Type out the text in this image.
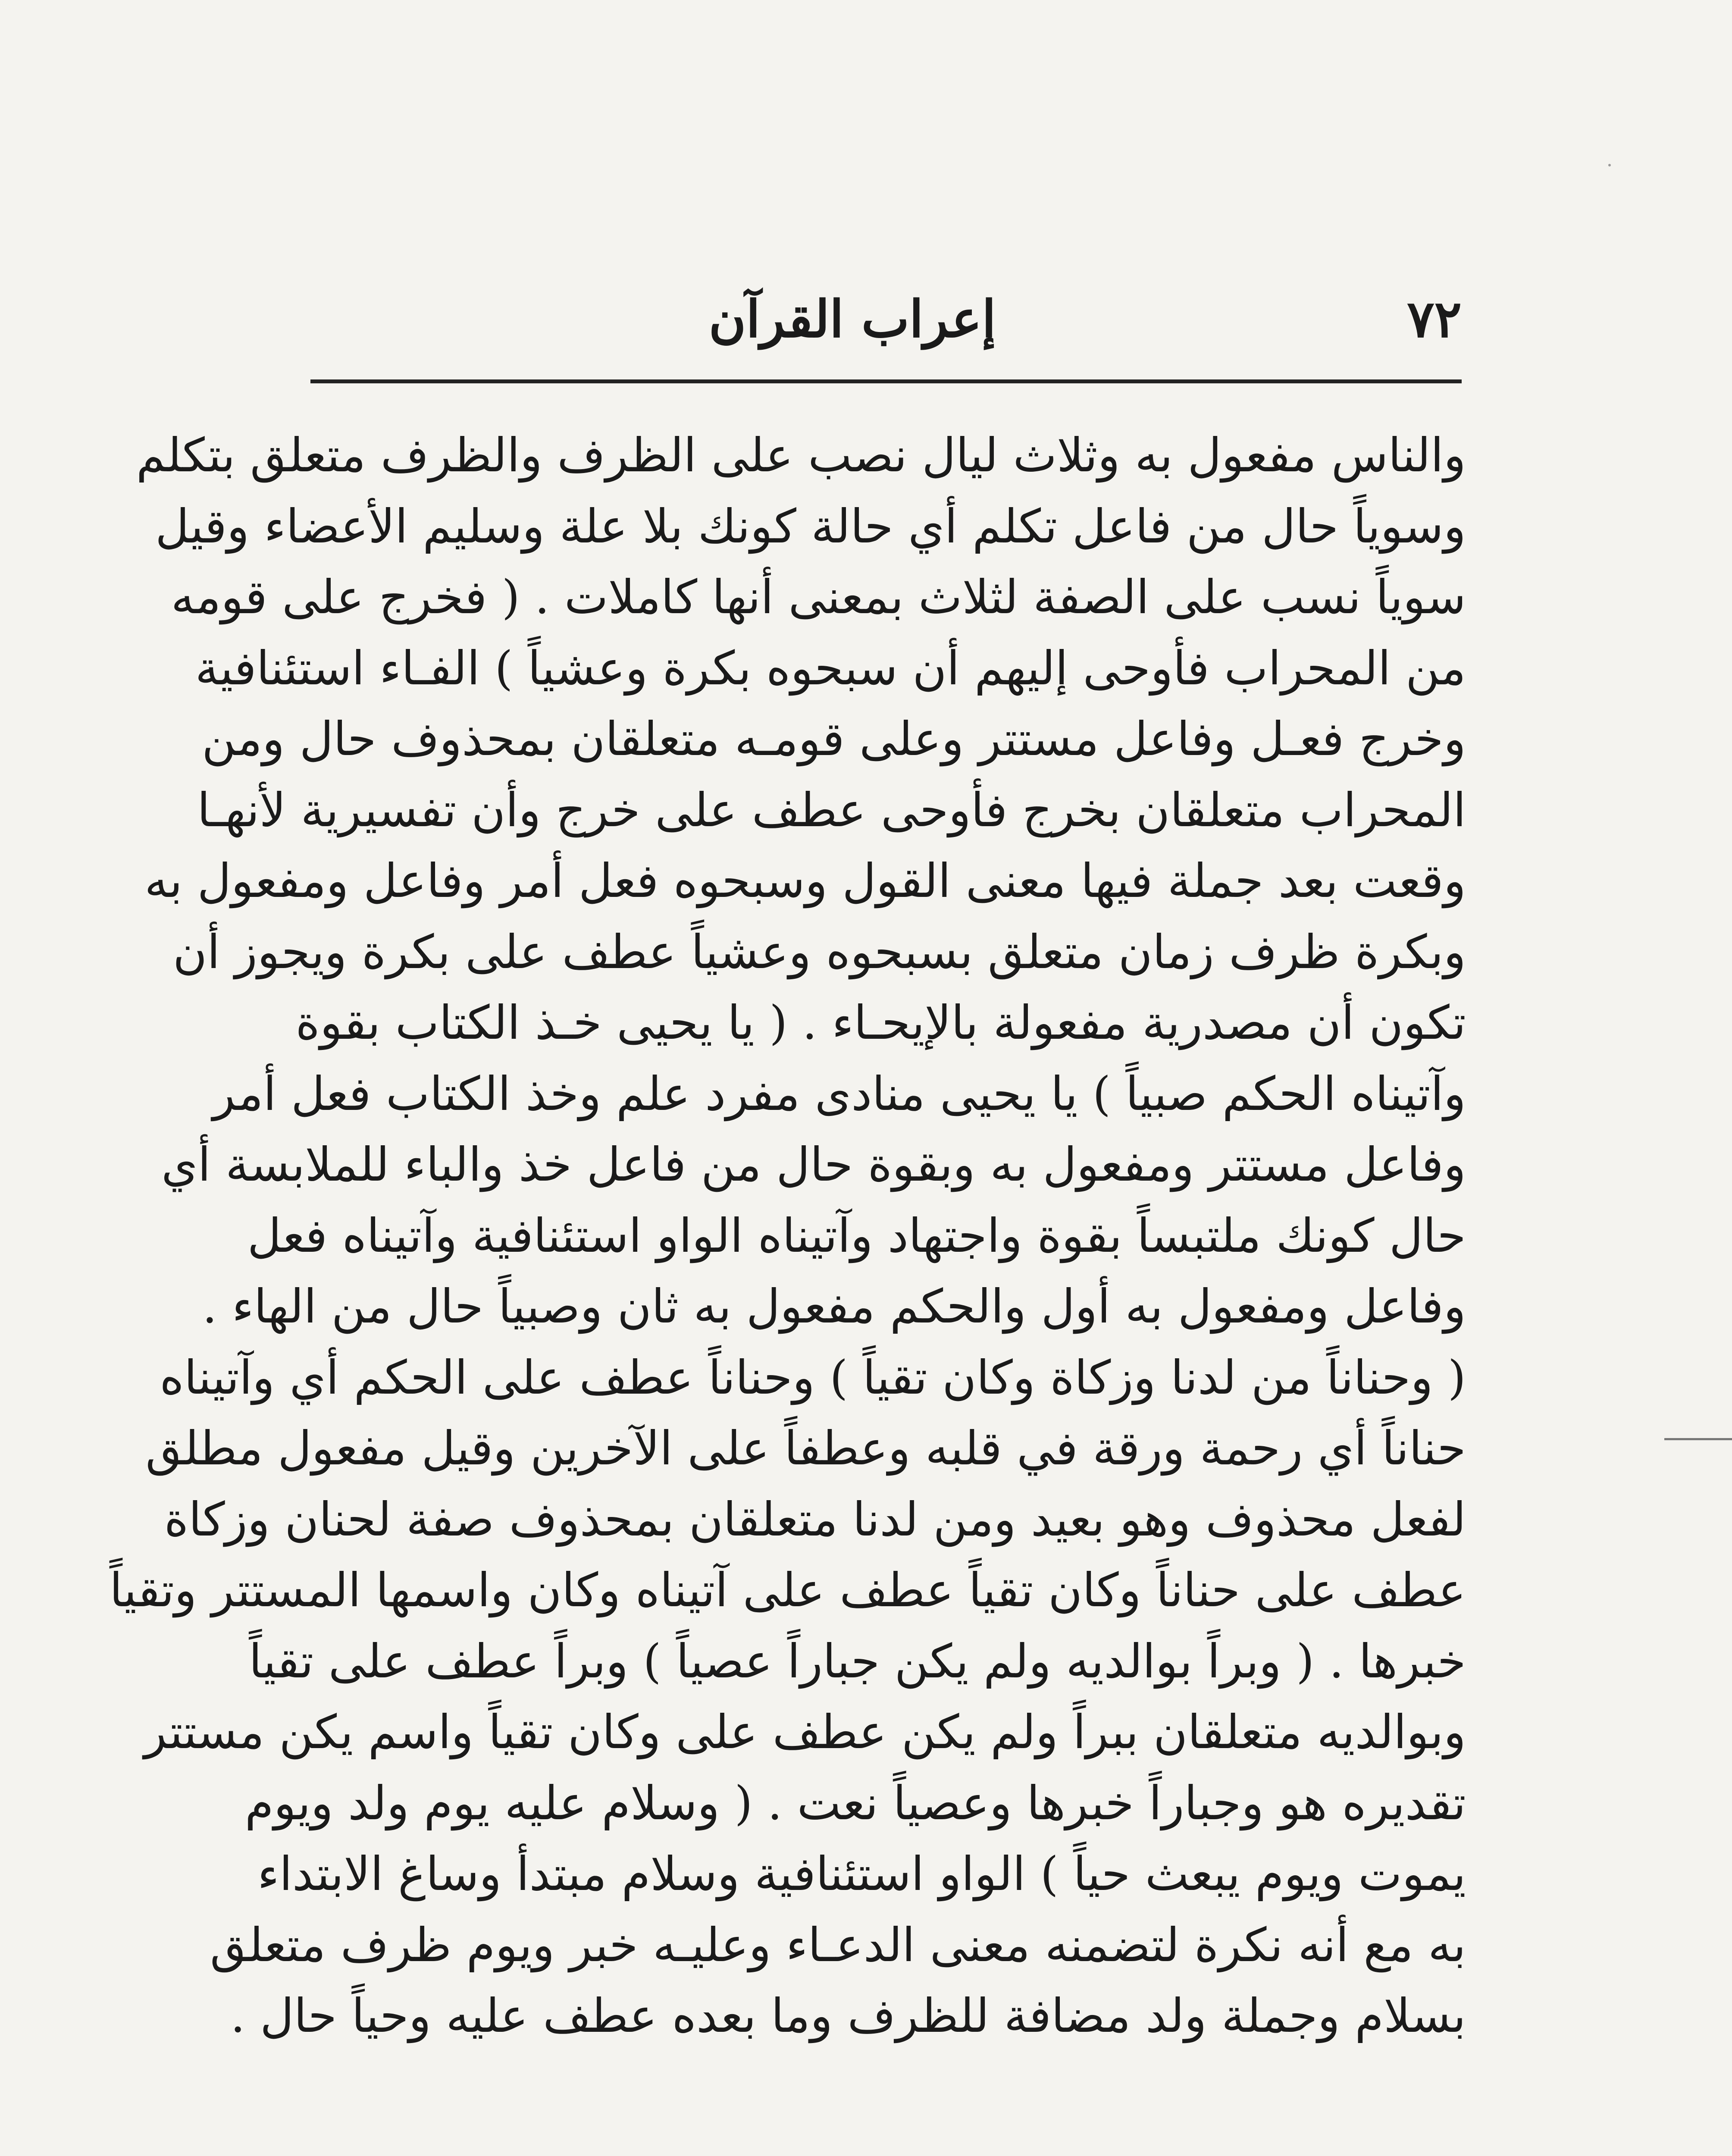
٧٢
إعراب القرآن
والناس مفعول به وثلاث ليال نصب على الظرف والظرف متعلق بتكلم
وسوياً حال من فاعل تكلم أي حالة كونك بلا علة وسليم الأعضاء وقيل
سوياً نسب على الصفة لثلاث بمعنى أنها كاملات . ( فخرج على قومه
من المحراب فأوحى إليهم أن سبحوه بكرة وعشياً ) الفـاء استئنافية
وخرج فعـل وفاعل مستتر وعلى قومـه متعلقان بمحذوف حال ومن
المحراب متعلقان بخرج فأوحى عطف على خرج وأن تفسيرية لأنهـا
وقعت بعد جملة فيها معنى القول وسبحوه فعل أمر وفاعل ومفعول به
وبكرة ظرف زمان متعلق بسبحوه وعشياً عطف على بكرة ويجوز أن
تكون أن مصدرية مفعولة بالإيحـاء . ( يا يحيى خـذ الكتاب بقوة
وآتيناه الحكم صبياً ) يا يحيى منادى مفرد علم وخذ الكتاب فعل أمر
وفاعل مستتر ومفعول به وبقوة حال من فاعل خذ والباء للملابسة أي
حال كونك ملتبساً بقوة واجتهاد وآتيناه الواو استئنافية وآتيناه فعل
وفاعل ومفعول به أول والحكم مفعول به ثان وصبياً حال من الهاء .
( وحناناً من لدنا وزكاة وكان تقياً ) وحناناً عطف على الحكم أي وآتيناه
حناناً أي رحمة ورقة في قلبه وعطفاً على الآخرين وقيل مفعول مطلق
لفعل محذوف وهو بعيد ومن لدنا متعلقان بمحذوف صفة لحنان وزكاة
عطف على حناناً وكان تقياً عطف على آتيناه وكان واسمها المستتر وتقياً
خبرها . ( وبراً بوالديه ولم يكن جباراً عصياً ) وبراً عطف على تقياً
وبوالديه متعلقان ببراً ولم يكن عطف على وكان تقياً واسم يكن مستتر
تقديره هو وجباراً خبرها وعصياً نعت . ( وسلام عليه يوم ولد ويوم
يموت ويوم يبعث حياً ) الواو استئنافية وسلام مبتدأ وساغ الابتداء
به مع أنه نكرة لتضمنه معنى الدعـاء وعليـه خبر ويوم ظرف متعلق
بسلام وجملة ولد مضافة للظرف وما بعده عطف عليه وحياً حال .
